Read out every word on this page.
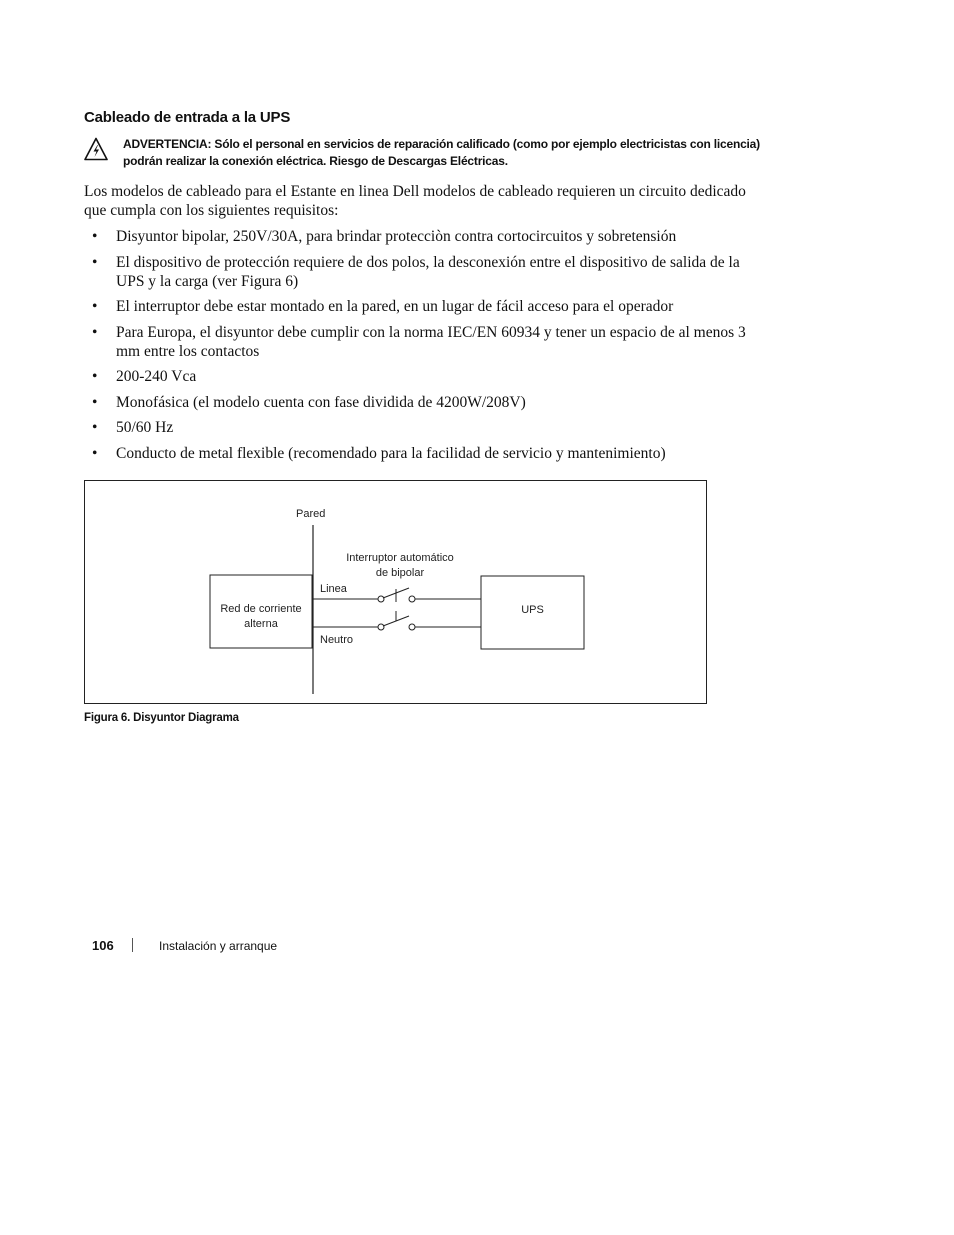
Cableado de entrada a la UPS
ADVERTENCIA: Sólo el personal en servicios de reparación calificado (como por ejemplo electricistas con licencia) podrán realizar la conexión eléctrica. Riesgo de Descargas Eléctricas.
Los modelos de cableado para el Estante en linea Dell modelos de cableado requieren un circuito dedicado que cumpla con los siguientes requisitos:
• Disyuntor bipolar, 250V/30A, para brindar protecciòn contra cortocircuitos y sobretensión
• El dispositivo de protección requiere de dos polos, la desconexión entre el dispositivo de salida de la UPS y la carga (ver Figura 6)
• El interruptor debe estar montado en la pared, en un lugar de fácil acceso para el operador
• Para Europa, el disyuntor debe cumplir con la norma IEC/EN 60934 y tener un espacio de al menos 3 mm entre los contactos
• 200-240 Vca
• Monofásica (el modelo cuenta con fase dividida de 4200W/208V)
• 50/60 Hz
• Conducto de metal flexible (recomendado para la facilidad de servicio y mantenimiento)
Pared
Interruptor automático
de bipolar
Red de corriente
alterna
Linea
Neutro
UPS
Figura 6. Disyuntor Diagrama
106	Instalación y arranque
